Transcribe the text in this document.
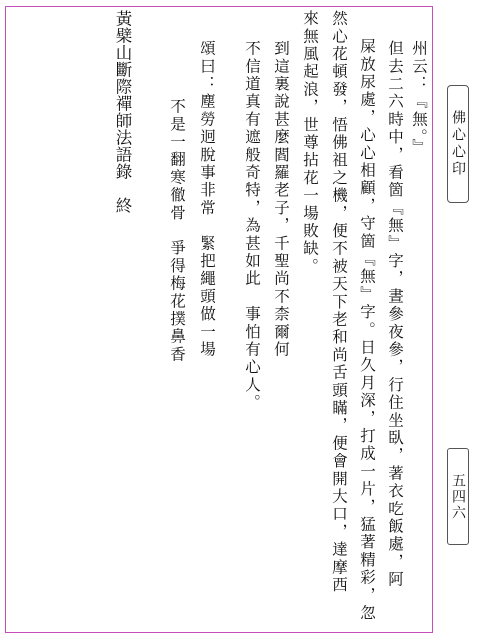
州云：『無。』
但去二六時中，看箇『無』字，晝參夜參，行住坐臥，著衣吃飯處，阿
屎放尿處，心心相顧，守箇『無』字。日久月深，打成一片，猛著精彩，忽
然心花頓發，悟佛祖之機，便不被天下老和尚舌頭瞞，便會開大口，達摩西
來無風起浪，世尊拈花一場敗缺。
到這裏說甚麼閻羅老子，千聖尚不柰爾何
不信道真有遮般奇特，為甚如此　事怕有心人。
頌曰：塵勞迥脫事非常　緊把繩頭做一場
不是一翻寒徹骨　爭得梅花撲鼻香
黃檗山斷際禪師法語錄　終	佛心心印
五四六
